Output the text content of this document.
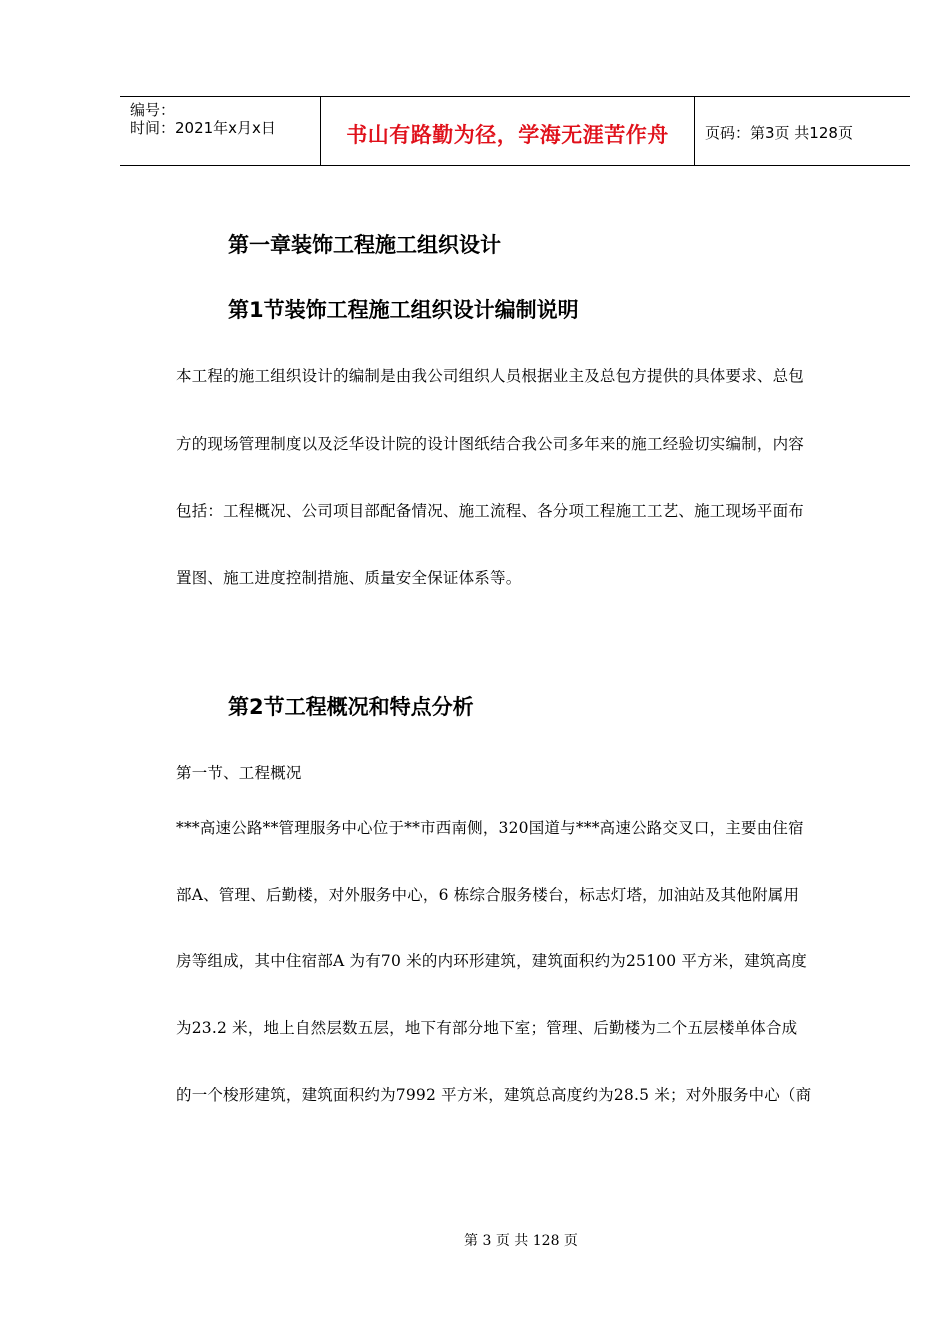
编号：
时间：2021年x月x日	书山有路勤为径，学海无涯苦作舟	页码：第3页 共128页
第一章装饰工程施工组织设计
第1节装饰工程施工组织设计编制说明
本工程的施工组织设计的编制是由我公司组织人员根据业主及总包方提供的具体要求、总包
方的现场管理制度以及泛华设计院的设计图纸结合我公司多年来的施工经验切实编制，内容
包括：工程概况、公司项目部配备情况、施工流程、各分项工程施工工艺、施工现场平面布
置图、施工进度控制措施、质量安全保证体系等。
第2节工程概况和特点分析
第一节、工程概况
***高速公路**管理服务中心位于**市西南侧，320国道与***高速公路交叉口，主要由住宿
部A、管理、后勤楼，对外服务中心，6 栋综合服务楼台，标志灯塔，加油站及其他附属用
房等组成，其中住宿部A 为有70 米的内环形建筑，建筑面积约为25100 平方米，建筑高度
为23.2 米，地上自然层数五层，地下有部分地下室；管理、后勤楼为二个五层楼单体合成
的一个梭形建筑，建筑面积约为7992 平方米，建筑总高度约为28.5 米；对外服务中心（商
第 3 页 共 128 页
